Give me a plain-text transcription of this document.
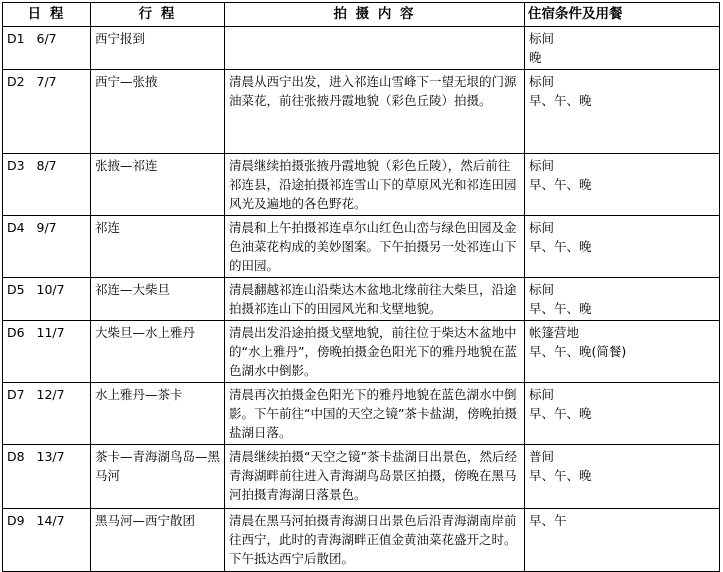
日 程	行 程	拍 摄 内 容	住宿条件及用餐
D1   6/7	西宁报到		标间
晚

D2   7/7	西宁—张掖	清晨从西宁出发，进入祁连山雪峰下一望无垠的门源油菜花，前往张掖丹霞地貌（彩色丘陵）拍摄。	标间
早、午、晚

D3   8/7	张掖—祁连	清晨继续拍摄张掖丹霞地貌（彩色丘陵），然后前往祁连县，沿途拍摄祁连雪山下的草原风光和祁连田园风光及遍地的各色野花。	标间
早、午、晚

D4   9/7	祁连	清晨和上午拍摄祁连卓尔山红色山峦与绿色田园及金色油菜花构成的美妙图案。下午拍摄另一处祁连山下的田园。	标间
早、午、晚

D5   10/7	祁连—大柴旦	清晨翻越祁连山沿柴达木盆地北缘前往大柴旦，沿途拍摄祁连山下的田园风光和戈壁地貌。	标间
早、午、晚

D6   11/7	大柴旦—水上雅丹	清晨出发沿途拍摄戈壁地貌，前往位于柴达木盆地中的“水上雅丹”，傍晚拍摄金色阳光下的雅丹地貌在蓝色湖水中倒影。	帐篷营地
早、午、晚(简餐)

D7   12/7	水上雅丹—茶卡	清晨再次拍摄金色阳光下的雅丹地貌在蓝色湖水中倒影。下午前往“中国的天空之镜”茶卡盐湖，傍晚拍摄盐湖日落。	标间
早、午、晚

D8   13/7	茶卡—青海湖鸟岛—黑马河	清晨继续拍摄“天空之镜”茶卡盐湖日出景色，然后经青海湖畔前往进入青海湖鸟岛景区拍摄，傍晚在黑马河拍摄青海湖日落景色。	普间
早、午、晚

D9   14/7	黑马河—西宁散团	清晨在黑马河拍摄青海湖日出景色后沿青海湖南岸前往西宁，此时的青海湖畔正值金黄油菜花盛开之时。下午抵达西宁后散团。	早、午
